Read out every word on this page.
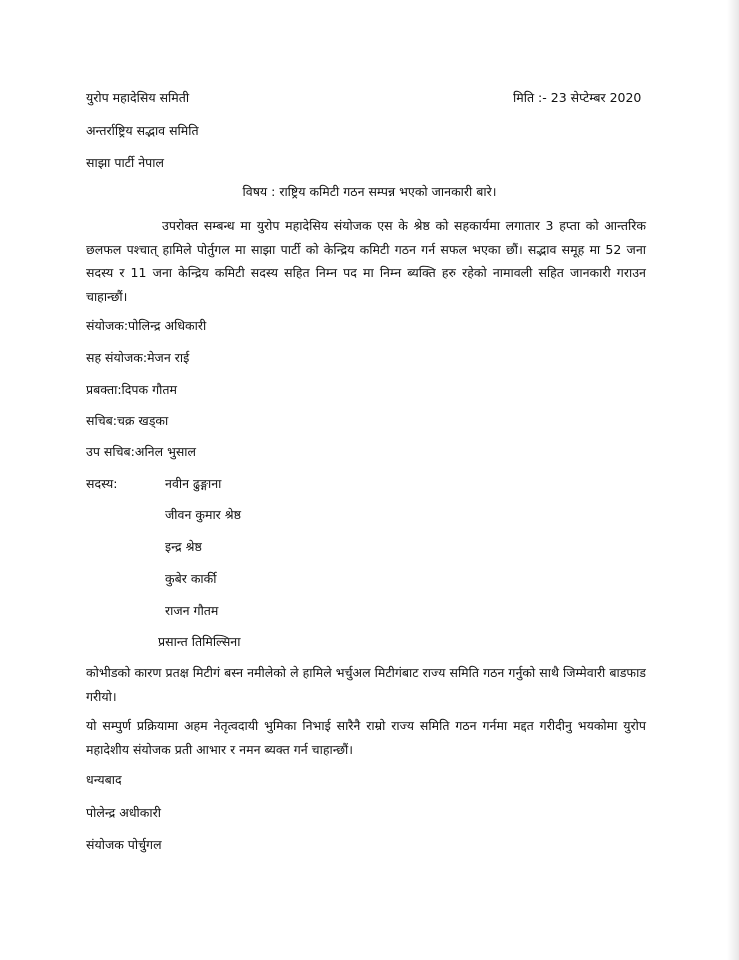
युरोप महादेसिय समिती	मिति :- 23 सेप्टेम्बर 2020
अन्तर्राष्ट्रिय सद्भाव समिति
साझा पार्टी नेपाल
विषय : राष्ट्रिय कमिटी गठन सम्पन्न भएको जानकारी बारे।
उपरोक्त सम्बन्ध मा युरोप महादेसिय संयोजक एस के श्रेष्ठ को सहकार्यमा लगातार 3 हप्ता को आन्तरिक छलफल पश्चात् हामिले पोर्तुगल मा साझा पार्टी को केन्द्रिय कमिटी गठन गर्न सफल भएका छौं। सद्भाव समूह मा 52 जना सदस्य र 11 जना केन्द्रिय कमिटी सदस्य सहित निम्न पद मा निम्न ब्यक्ति हरु रहेको नामावली सहित जानकारी गराउन चाहान्छौं।
संयोजक:पोलिन्द्र अधिकारी
सह संयोजक:मेजन राई
प्रबक्ता:दिपक गौतम
सचिब:चक्र खड्का
उप सचिब:अनिल भुसाल
सदस्य:	नवीन ढुङ्गाना
जीवन कुमार श्रेष्ठ
इन्द्र श्रेष्ठ
कुबेर कार्की
राजन गौतम
प्रसान्त तिमिल्सिना
कोभीडको कारण प्रतक्ष मिटीगं बस्न नमीलेको ले हामिले भर्चुअल मिटीगंबाट राज्य समिति गठन गर्नुको साथै जिम्मेवारी बाडफाड गरीयो।
यो सम्पुर्ण प्रक्रियामा अहम नेतृत्वदायी भुमिका निभाई सारैनै राम्रो राज्य समिति गठन गर्नमा मद्दत गरीदीनु भयकोमा युरोप महादेशीय संयोजक प्रती आभार र नमन ब्यक्त गर्न चाहान्छौं।
धन्यबाद
पोलेन्द्र अधीकारी
संयोजक पोर्चुगल
